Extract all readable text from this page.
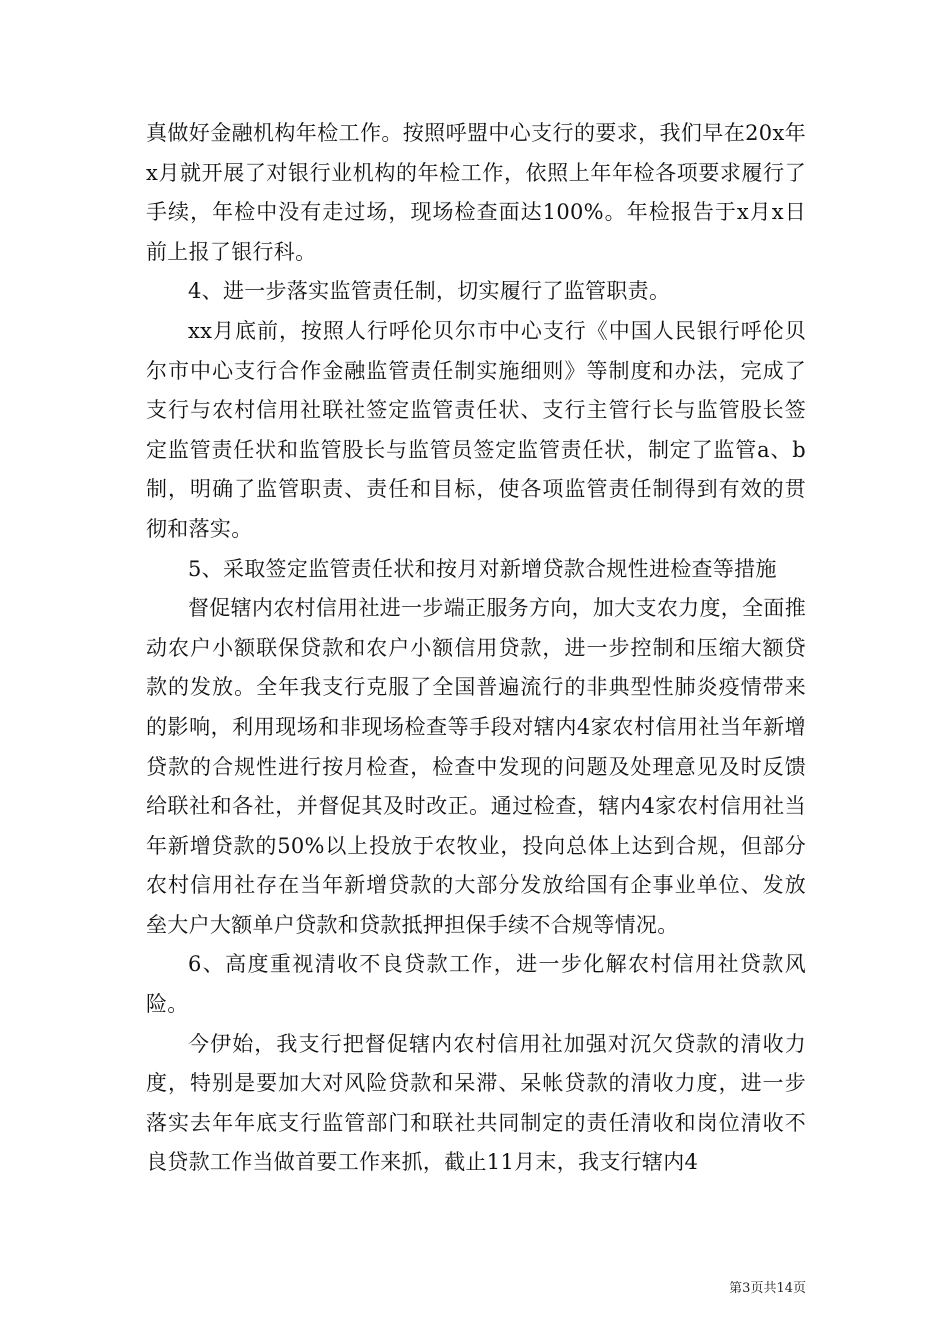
真做好金融机构年检工作。按照呼盟中心支行的要求，我们早在20x年x月就开展了对银行业机构的年检工作，依照上年年检各项要求履行了手续，年检中没有走过场，现场检查面达100%。年检报告于x月x日前上报了银行科。

4、进一步落实监管责任制，切实履行了监管职责。

xx月底前，按照人行呼伦贝尔市中心支行《中国人民银行呼伦贝尔市中心支行合作金融监管责任制实施细则》等制度和办法，完成了支行与农村信用社联社签定监管责任状、支行主管行长与监管股长签定监管责任状和监管股长与监管员签定监管责任状，制定了监管a、b制，明确了监管职责、责任和目标，使各项监管责任制得到有效的贯彻和落实。

5、采取签定监管责任状和按月对新增贷款合规性进检查等措施

督促辖内农村信用社进一步端正服务方向，加大支农力度，全面推动农户小额联保贷款和农户小额信用贷款，进一步控制和压缩大额贷款的发放。全年我支行克服了全国普遍流行的非典型性肺炎疫情带来的影响，利用现场和非现场检查等手段对辖内4家农村信用社当年新增贷款的合规性进行按月检查，检查中发现的问题及处理意见及时反馈给联社和各社，并督促其及时改正。通过检查，辖内4家农村信用社当年新增贷款的50%以上投放于农牧业，投向总体上达到合规，但部分农村信用社存在当年新增贷款的大部分发放给国有企事业单位、发放垒大户大额单户贷款和贷款抵押担保手续不合规等情况。

6、高度重视清收不良贷款工作，进一步化解农村信用社贷款风险。

今伊始，我支行把督促辖内农村信用社加强对沉欠贷款的清收力度，特别是要加大对风险贷款和呆滞、呆帐贷款的清收力度，进一步落实去年年底支行监管部门和联社共同制定的责任清收和岗位清收不良贷款工作当做首要工作来抓，截止11月末，我支行辖内4

第3页共14页
